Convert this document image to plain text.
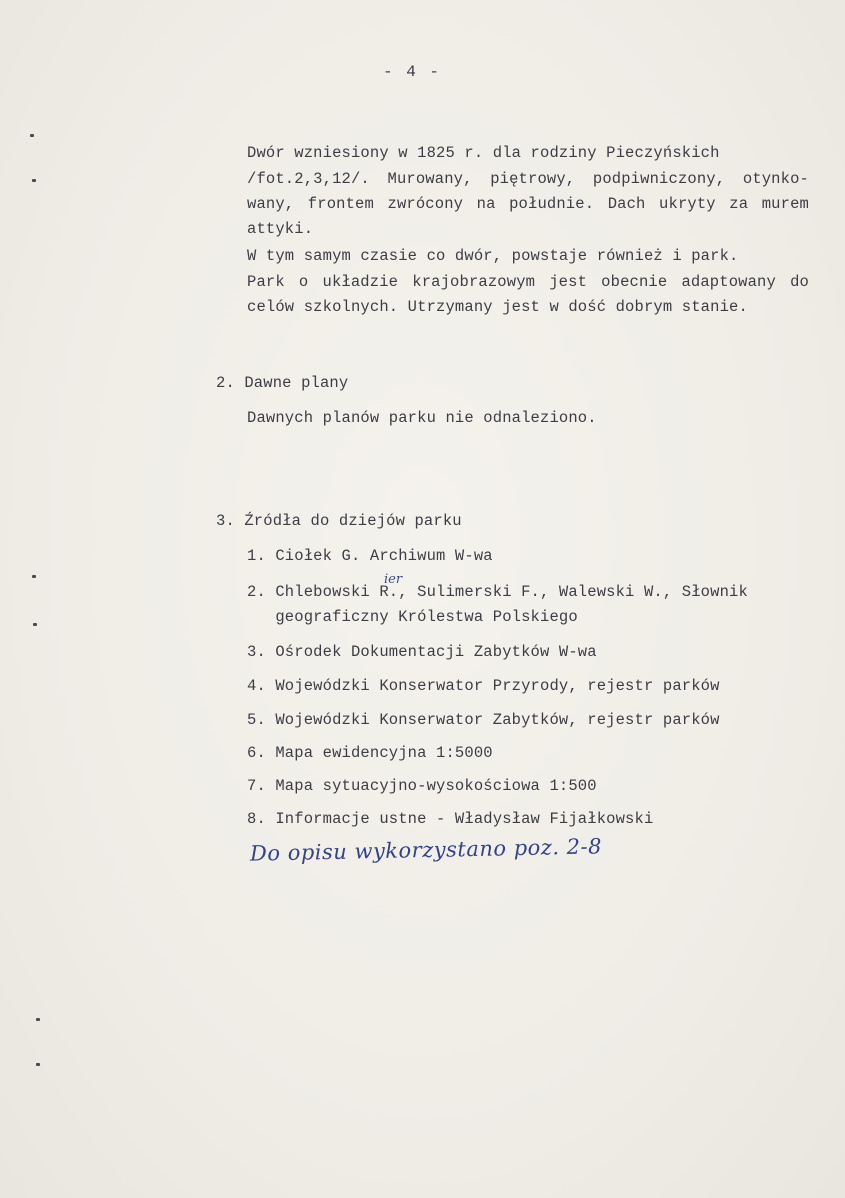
- 4 -
Dwór wzniesiony w 1825 r. dla rodziny Pieczyńskich
/fot.2,3,12/. Murowany, piętrowy, podpiwniczony, otynko-
wany, frontem zwrócony na południe. Dach ukryty za murem
attyki.
W tym samym czasie co dwór, powstaje również i park.
Park o układzie krajobrazowym jest obecnie adaptowany do
celów szkolnych. Utrzymany jest w dość dobrym stanie.
2. Dawne plany
Dawnych planów parku nie odnaleziono.
3. Źródła do dziejów parku
1. Ciołek G. Archiwum W-wa
2. Chlebowski R., Sulimerski F., Walewski W., Słownik
geograficzny Królestwa Polskiego
3. Ośrodek Dokumentacji Zabytków W-wa
4. Wojewódzki Konserwator Przyrody, rejestr parków
5. Wojewódzki Konserwator Zabytków, rejestr parków
6. Mapa ewidencyjna 1:5000
7. Mapa sytuacyjno-wysokościowa 1:500
8. Informacje ustne - Władysław Fijałkowski
ier
Do opisu wykorzystano poz. 2-8
